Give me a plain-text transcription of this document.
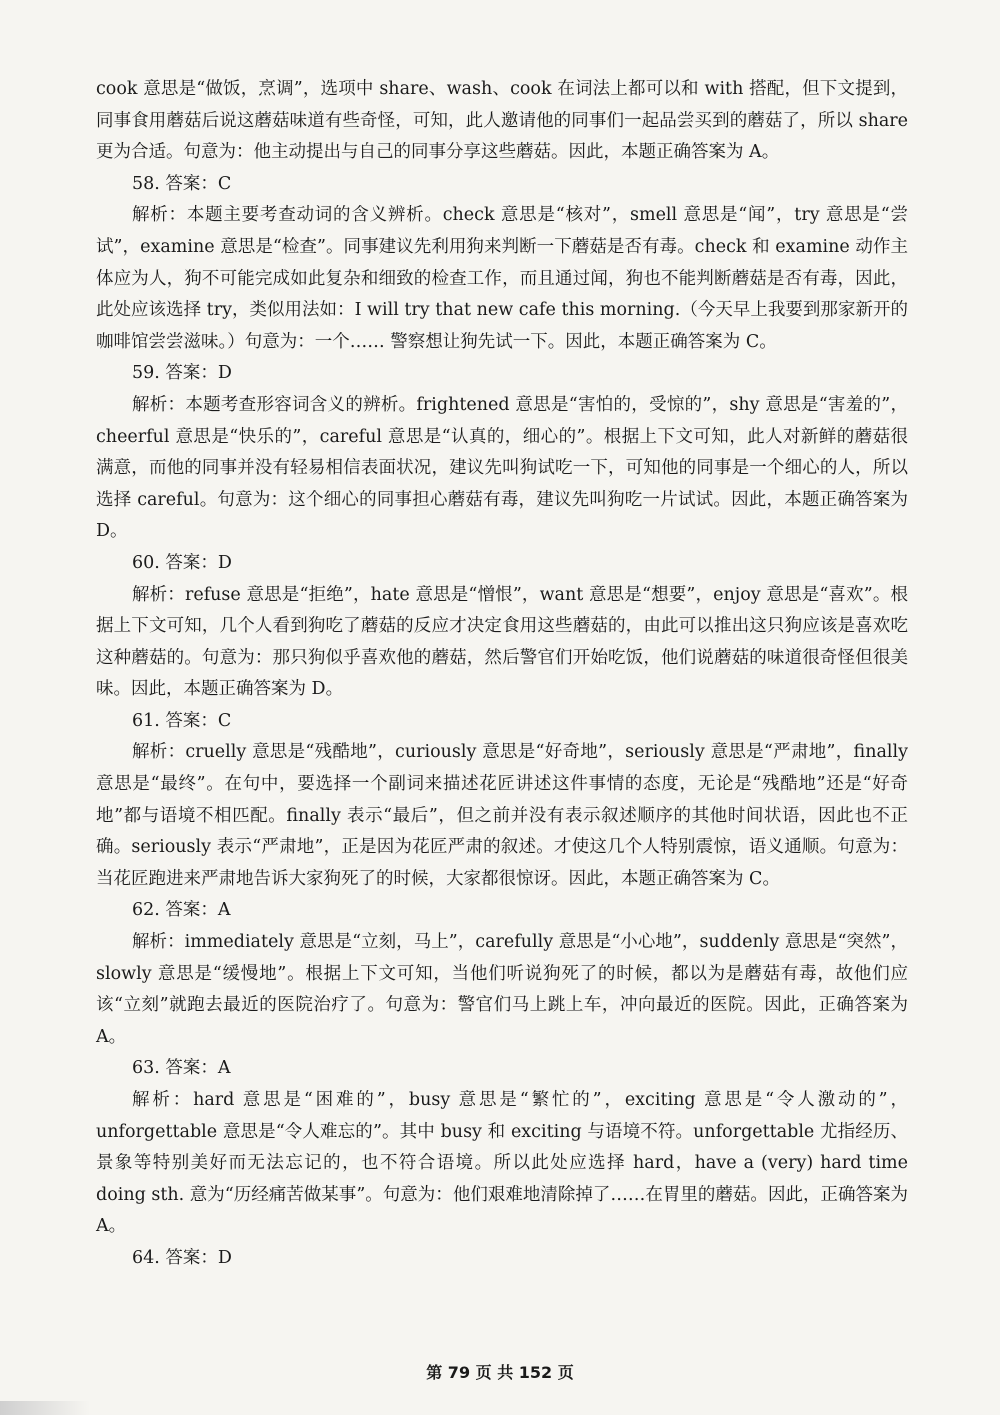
cook 意思是“做饭，烹调”，选项中 share、wash、cook 在词法上都可以和 with 搭配，但下文提到，同事食用蘑菇后说这蘑菇味道有些奇怪，可知，此人邀请他的同事们一起品尝买到的蘑菇了，所以 share 更为合适。句意为：他主动提出与自己的同事分享这些蘑菇。因此，本题正确答案为 A。

58. 答案：C

解析：本题主要考查动词的含义辨析。check 意思是“核对”，smell 意思是“闻”，try 意思是“尝试”，examine 意思是“检查”。同事建议先利用狗来判断一下蘑菇是否有毒。check 和 examine 动作主体应为人，狗不可能完成如此复杂和细致的检查工作，而且通过闻，狗也不能判断蘑菇是否有毒，因此，此处应该选择 try，类似用法如：I will try that new cafe this morning.（今天早上我要到那家新开的咖啡馆尝尝滋味。）句意为：一个…… 警察想让狗先试一下。因此，本题正确答案为 C。

59. 答案：D

解析：本题考查形容词含义的辨析。frightened 意思是“害怕的，受惊的”，shy 意思是“害羞的”，cheerful 意思是“快乐的”，careful 意思是“认真的，细心的”。根据上下文可知，此人对新鲜的蘑菇很满意，而他的同事并没有轻易相信表面状况，建议先叫狗试吃一下，可知他的同事是一个细心的人，所以选择 careful。句意为：这个细心的同事担心蘑菇有毒，建议先叫狗吃一片试试。因此，本题正确答案为 D。

60. 答案：D

解析：refuse 意思是“拒绝”，hate 意思是“憎恨”，want 意思是“想要”，enjoy 意思是“喜欢”。根据上下文可知，几个人看到狗吃了蘑菇的反应才决定食用这些蘑菇的，由此可以推出这只狗应该是喜欢吃这种蘑菇的。句意为：那只狗似乎喜欢他的蘑菇，然后警官们开始吃饭，他们说蘑菇的味道很奇怪但很美味。因此，本题正确答案为 D。

61. 答案：C

解析：cruelly 意思是“残酷地”，curiously 意思是“好奇地”，seriously 意思是“严肃地”，finally 意思是“最终”。在句中，要选择一个副词来描述花匠讲述这件事情的态度，无论是“残酷地”还是“好奇地”都与语境不相匹配。finally 表示“最后”，但之前并没有表示叙述顺序的其他时间状语，因此也不正确。seriously 表示“严肃地”，正是因为花匠严肃的叙述。才使这几个人特别震惊，语义通顺。句意为：当花匠跑进来严肃地告诉大家狗死了的时候，大家都很惊讶。因此，本题正确答案为 C。

62. 答案：A

解析：immediately 意思是“立刻，马上”，carefully 意思是“小心地”，suddenly 意思是“突然”，slowly 意思是“缓慢地”。根据上下文可知，当他们听说狗死了的时候，都以为是蘑菇有毒，故他们应该“立刻”就跑去最近的医院治疗了。句意为：警官们马上跳上车，冲向最近的医院。因此，正确答案为 A。

63. 答案：A

解析：hard 意思是“困难的”，busy 意思是“繁忙的”，exciting 意思是“令人激动的”，unforgettable 意思是“令人难忘的”。其中 busy 和 exciting 与语境不符。unforgettable 尤指经历、景象等特别美好而无法忘记的，也不符合语境。所以此处应选择 hard，have a (very) hard time doing sth. 意为“历经痛苦做某事”。句意为：他们艰难地清除掉了……在胃里的蘑菇。因此，正确答案为 A。

64. 答案：D

第 79 页 共 152 页
